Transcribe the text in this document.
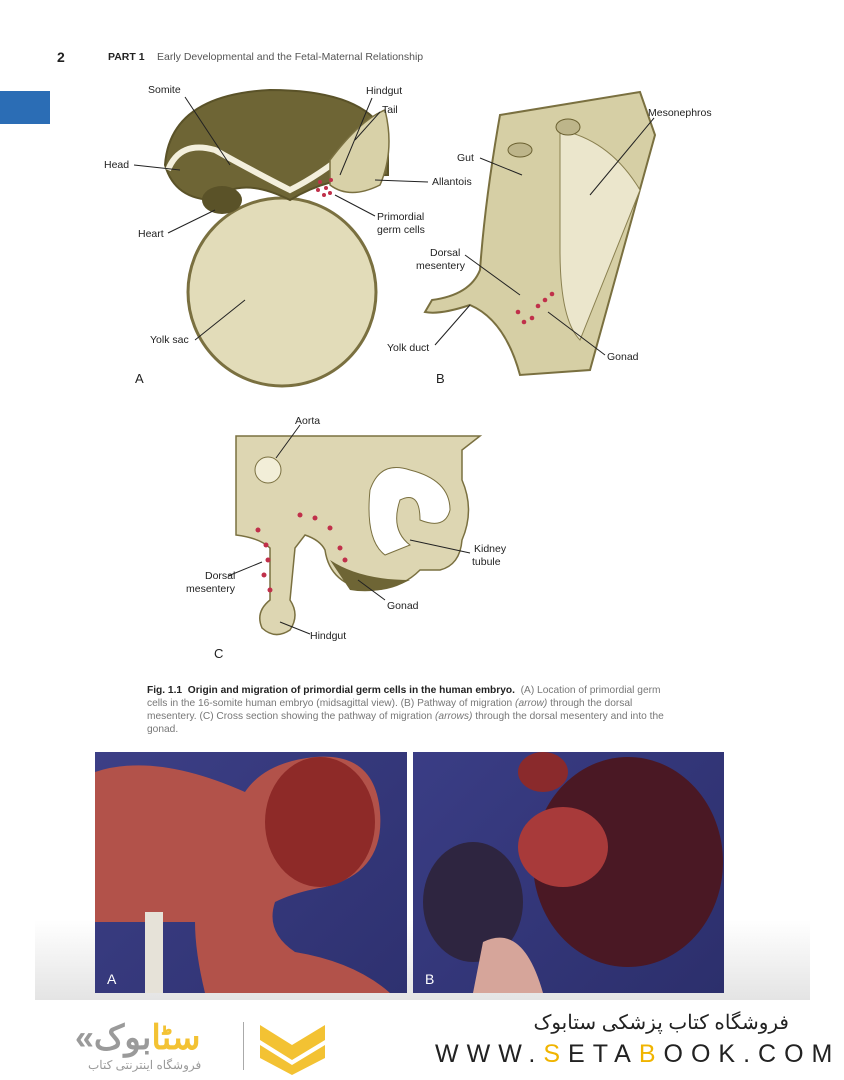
2	PART 1 Early Developmental and the Fetal-Maternal Relationship
Somite	Hindgut
Tail
Head
Allantois
Primordial
germ cells
Heart
Yolk sac
A
Mesonephros
Gut
Dorsal
mesentery
Yolk duct
Gonad
B
Aorta
Kidney
tubule
Dorsal
mesentery
Gonad
Hindgut
C
Fig. 1.1 Origin and migration of primordial germ cells in the human embryo. (A) Location of primordial germ cells in the 16-somite human embryo (midsagittal view). (B) Pathway of migration (arrow) through the dorsal mesentery. (C) Cross section showing the pathway of migration (arrows) through the dorsal mesentery and into the gonad.
A	B
« سٹابوک
فروشگاه اینترنتی کتاب
فروشگاه کتاب پزشکی ستابوک
WWW.SETABOOK.COM
